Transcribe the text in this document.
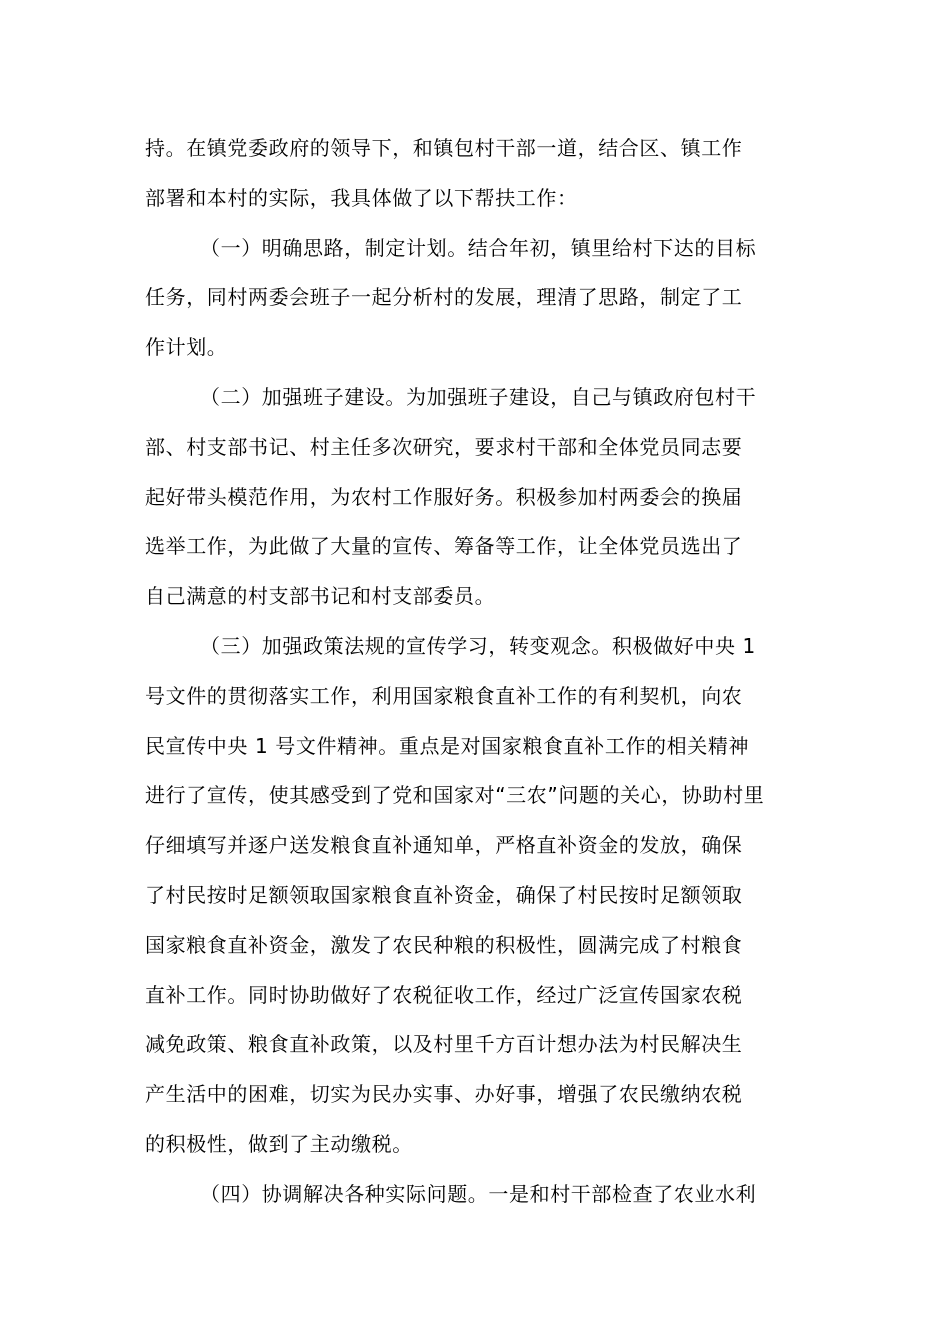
持。在镇党委政府的领导下，和镇包村干部一道，结合区、镇工作
部署和本村的实际，我具体做了以下帮扶工作：
（一）明确思路，制定计划。结合年初，镇里给村下达的目标
任务，同村两委会班子一起分析村的发展，理清了思路，制定了工
作计划。
（二）加强班子建设。为加强班子建设，自己与镇政府包村干
部、村支部书记、村主任多次研究，要求村干部和全体党员同志要
起好带头模范作用，为农村工作服好务。积极参加村两委会的换届
选举工作，为此做了大量的宣传、筹备等工作，让全体党员选出了
自己满意的村支部书记和村支部委员。
（三）加强政策法规的宣传学习，转变观念。积极做好中央 1
号文件的贯彻落实工作，利用国家粮食直补工作的有利契机，向农
民宣传中央 1 号文件精神。重点是对国家粮食直补工作的相关精神
进行了宣传，使其感受到了党和国家对“三农”问题的关心，协助村里
仔细填写并逐户送发粮食直补通知单，严格直补资金的发放，确保
了村民按时足额领取国家粮食直补资金，确保了村民按时足额领取
国家粮食直补资金，激发了农民种粮的积极性，圆满完成了村粮食
直补工作。同时协助做好了农税征收工作，经过广泛宣传国家农税
减免政策、粮食直补政策，以及村里千方百计想办法为村民解决生
产生活中的困难，切实为民办实事、办好事，增强了农民缴纳农税
的积极性，做到了主动缴税。
（四）协调解决各种实际问题。一是和村干部检查了农业水利
